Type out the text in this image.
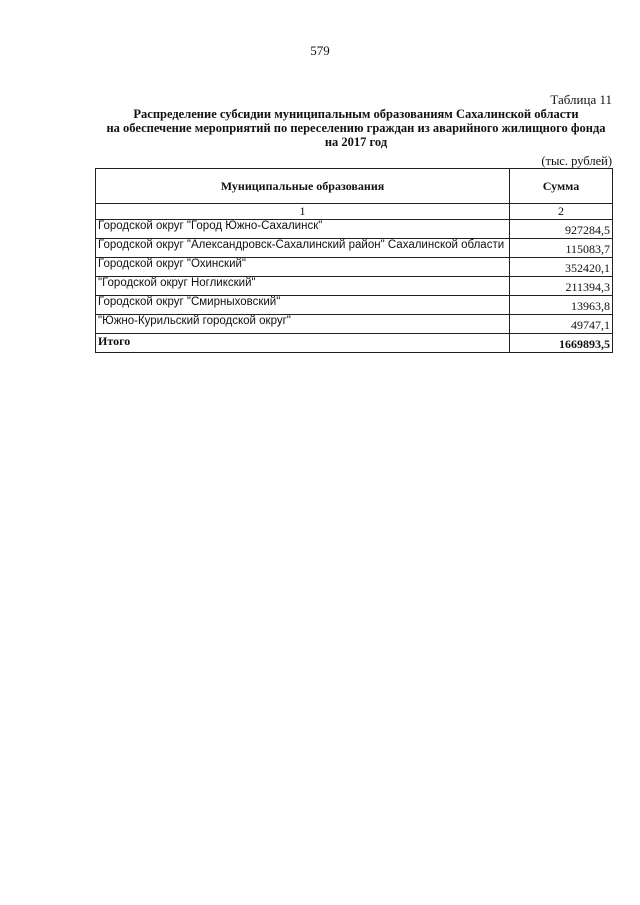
579
Таблица 11
Распределение субсидии муниципальным образованиям Сахалинской области
на обеспечение мероприятий по переселению граждан из аварийного жилищного фонда
на 2017 год
(тыс. рублей)
Муниципальные образования	Сумма
1	2
Городской округ "Город Южно-Сахалинск"	927284,5
Городской округ "Александровск-Сахалинский район" Сахалинской области	115083,7
Городской округ "Охинский"	352420,1
"Городской округ Ногликский"	211394,3
Городской округ "Смирныховский"	13963,8
"Южно-Курильский городской округ"	49747,1
Итого	1669893,5
